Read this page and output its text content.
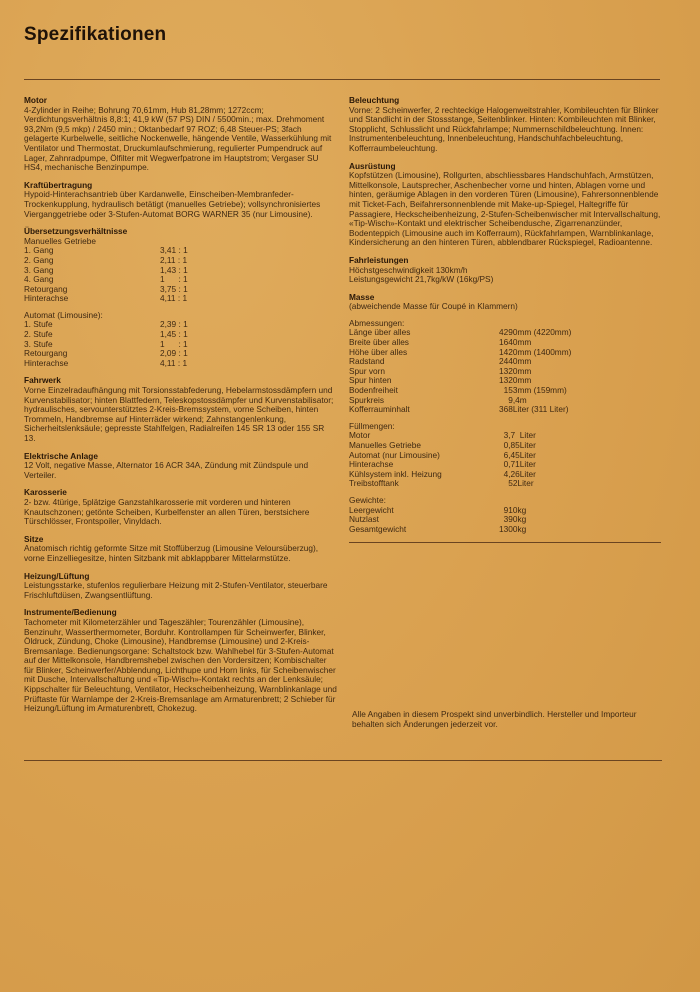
Spezifikationen
Motor
4-Zylinder in Reihe; Bohrung 70,61mm, Hub 81,28mm; 1272ccm; Verdichtungsverhältnis 8,8:1; 41,9 kW (57 PS) DIN / 5500min.; max. Drehmoment 93,2Nm (9,5 mkp) / 2450 min.; Oktanbedarf 97 ROZ; 6,48 Steuer-PS; 3fach gelagerte Kurbelwelle, seitliche Nockenwelle, hängende Ventile, Wasserkühlung mit Ventilator und Thermostat, Druckumlaufschmierung, regulierter Pumpendruck auf Lager, Zahnradpumpe, Ölfilter mit Wegwerfpatrone im Hauptstrom; Vergaser SU HS4, mechanische Benzinpumpe.
Kraftübertragung
Hypoid-Hinterachsantrieb über Kardanwelle, Einscheiben-Membranfeder-Trockenkupplung, hydraulisch betätigt (manuelles Getriebe); vollsynchronisiertes Vierganggetriebe oder 3-Stufen-Automat BORG WARNER 35 (nur Limousine).
Übersetzungsverhältnisse
Manuelles Getriebe
1. Gang	3,41 : 1
2. Gang	2,11 : 1
3. Gang	1,43 : 1
4. Gang	1      : 1
Retourgang	3,75 : 1
Hinterachse	4,11 : 1
Automat (Limousine):
1. Stufe	2,39 : 1
2. Stufe	1,45 : 1
3. Stufe	1      : 1
Retourgang	2,09 : 1
Hinterachse	4,11 : 1
Fahrwerk
Vorne Einzelradaufhängung mit Torsionsstabfederung, Hebelarmstossdämpfern und Kurvenstabilisator; hinten Blattfedern, Teleskopstossdämpfer und Kurvenstabilisator; hydraulisches, servounterstütztes 2-Kreis-Bremssystem, vorne Scheiben, hinten Trommeln, Handbremse auf Hinterräder wirkend; Zahnstangenlenkung, Sicherheitslenksäule; gepresste Stahlfelgen, Radialreifen 145 SR 13 oder 155 SR 13.
Elektrische Anlage
12 Volt, negative Masse, Alternator 16 ACR 34A, Zündung mit Zündspule und Verteiler.
Karosserie
2- bzw. 4türige, 5plätzige Ganzstahlkarosserie mit vorderen und hinteren Knautschzonen; getönte Scheiben, Kurbelfenster an allen Türen, berstsichere Türschlösser, Frontspoiler, Vinyldach.
Sitze
Anatomisch richtig geformte Sitze mit Stoffüberzug (Limousine Veloursüberzug), vorne Einzelliegesitze, hinten Sitzbank mit abklappbarer Mittelarmstütze.
Heizung/Lüftung
Leistungsstarke, stufenlos regulierbare Heizung mit 2-Stufen-Ventilator, steuerbare Frischluftdüsen, Zwangsentlüftung.
Instrumente/Bedienung
Tachometer mit Kilometerzähler und Tageszähler; Tourenzähler (Limousine), Benzinuhr, Wasserthermometer, Borduhr. Kontrollampen für Scheinwerfer, Blinker, Öldruck, Zündung, Choke (Limousine), Handbremse (Limousine) und 2-Kreis-Bremsanlage. Bedienungsorgane: Schaltstock bzw. Wahlhebel für 3-Stufen-Automat auf der Mittelkonsole, Handbremshebel zwischen den Vordersitzen; Kombischalter für Blinker, Scheinwerfer/Abblendung, Lichthupe und Horn links, für Scheibenwischer mit Dusche, Intervallschaltung und «Tip-Wisch»-Kontakt rechts an der Lenksäule; Kippschalter für Beleuchtung, Ventilator, Heckscheibenheizung, Warnblinkanlage und Prüftaste für Warnlampe der 2-Kreis-Bremsanlage am Armaturenbrett; 2 Schieber für Heizung/Lüftung im Armaturenbrett, Chokezug.
Beleuchtung
Vorne: 2 Scheinwerfer, 2 rechteckige Halogenweitstrahler, Kombileuchten für Blinker und Standlicht in der Stossstange, Seitenblinker. Hinten: Kombileuchten mit Blinker, Stopplicht, Schlusslicht und Rückfahrlampe; Nummernschildbeleuchtung. Innen: Instrumentenbeleuchtung, Innenbeleuchtung, Handschuhfachbeleuchtung, Kofferraumbeleuchtung.
Ausrüstung
Kopfstützen (Limousine), Rollgurten, abschliessbares Handschuhfach, Armstützen, Mittelkonsole, Lautsprecher, Aschenbecher vorne und hinten, Ablagen vorne und hinten, geräumige Ablagen in den vorderen Türen (Limousine), Fahrersonnenblende mit Ticket-Fach, Beifahrersonnenblende mit Make-up-Spiegel, Haltegriffe für Passagiere, Heckscheibenheizung, 2-Stufen-Scheibenwischer mit Intervallschaltung, «Tip-Wisch»-Kontakt und elektrischer Scheibendusche, Zigarrenanzünder, Bodenteppich (Limousine auch im Kofferraum), Rückfahrlampen, Warnblinkanlage, Kindersicherung an den hinteren Türen, abblendbarer Rückspiegel, Radioantenne.
Fahrleistungen
Höchstgeschwindigkeit 130km/h
Leistungsgewicht 21,7kg/kW (16kg/PS)
Masse
(abweichende Masse für Coupé in Klammern)
Abmessungen:
Länge über alles	4290mm (4220mm)
Breite über alles	1640mm
Höhe über alles	1420mm (1400mm)
Radstand	2440mm
Spur vorn	1320mm
Spur hinten	1320mm
Bodenfreiheit	153mm (159mm)
Spurkreis	9,4m
Kofferrauminhalt	368Liter (311 Liter)
Füllmengen:
Motor	3,7  Liter
Manuelles Getriebe	0,85Liter
Automat (nur Limousine)	6,45Liter
Hinterachse	0,71Liter
Kühlsystem inkl. Heizung	4,26Liter
Treibstofftank	52Liter
Gewichte:
Leergewicht	910kg
Nutzlast	390kg
Gesamtgewicht	1300kg
Alle Angaben in diesem Prospekt sind unverbindlich. Hersteller und Importeur behalten sich Änderungen jederzeit vor.
